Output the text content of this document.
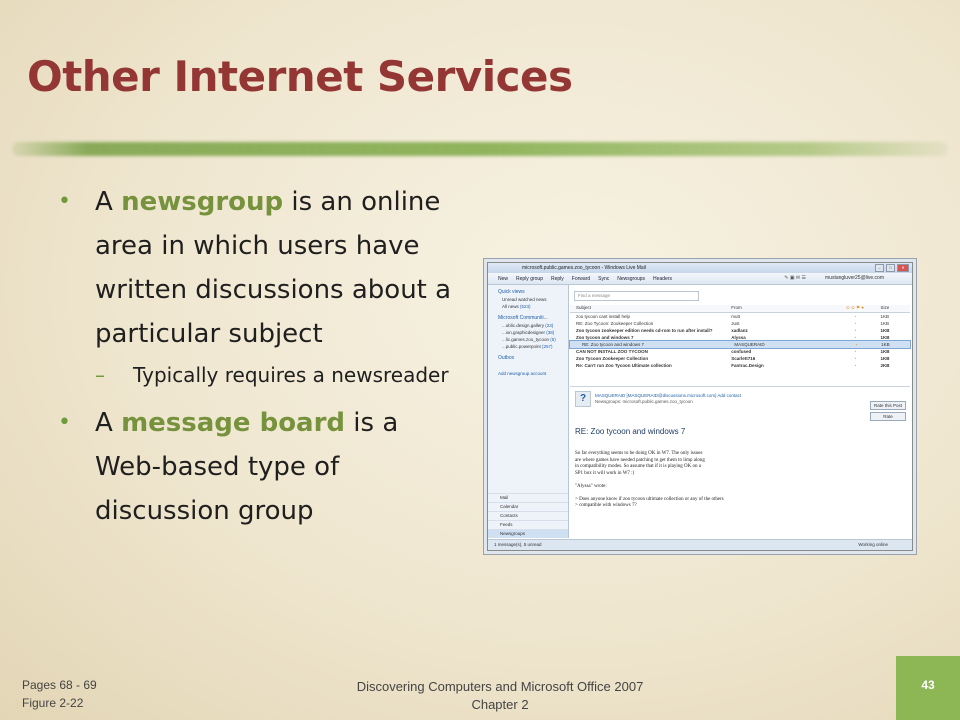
Other Internet Services
• A newsgroup is an online area in which users have written discussions about a particular subject
– Typically requires a newsreader
• A message board is a Web-based type of discussion group
microsoft.public.games.zoo_tycoon - Windows Live Mail	–	□	✕
New Reply group Reply Forward Sync Newsgroups Headers	✎ ▣ ✉ ☰	mustangluver25@live.com
Quick views
Unread watched news
All news (523)
Microsoft Communiti...
...ublic.design.gallery (23)
...ion.graphicdesigner (38)
...lic.games.zoo_tycoon (5)
...public.powerpoint (257)
Outbox
Add newsgroup account
Mail
Calendar
Contacts
Feeds
Newsgroups
Find a message
Subject	From	⊙ ⊙ ⚑ ●	Size
zoo tycoon cant install help	mutt	◔	1KB
RE: Zoo Tycoon: Zookeeper Collection	Just	◔	1KB
Zoo tycoon zookeeper edition needs cd-rom to run after install?	xadlanz	◔	1KB
Zoo tycoon and windows 7	Alyssa	◔	1KB
RE: Zoo tycoon and windows 7	MASQUERAID	◔	1KB
CAN NOT INSTALL ZOO TYCOON	confused	◔	1KB
Zoo Tycoon Zookeeper Collection	Scarlett716	◔	1KB
Re: Can't run Zoo Tycoon Ultimate collection	Fantrac.Design	◔	2KB
?	MASQUERAID [MASQUERAID@discussions.microsoft.com] Add contact
Newsgroups: microsoft.public.games.zoo_tycoon
Rate this Post
Rate
RE: Zoo tycoon and windows 7
So far everything seems to be doing OK in W7. The only issues
are where games have needed patching to get them to limp along
in compatibility modes. So assume that if it is playing OK on a
SP1 box it will work in W7 :)

"Alyssa" wrote:

> Does anyone know if zoo tycoon ultimate collection or any of the others
> compatible with windows 7?
1 message(s), 5 unread	Working online
Pages 68 - 69
Figure 2-22
Discovering Computers and Microsoft Office 2007
Chapter 2
43
